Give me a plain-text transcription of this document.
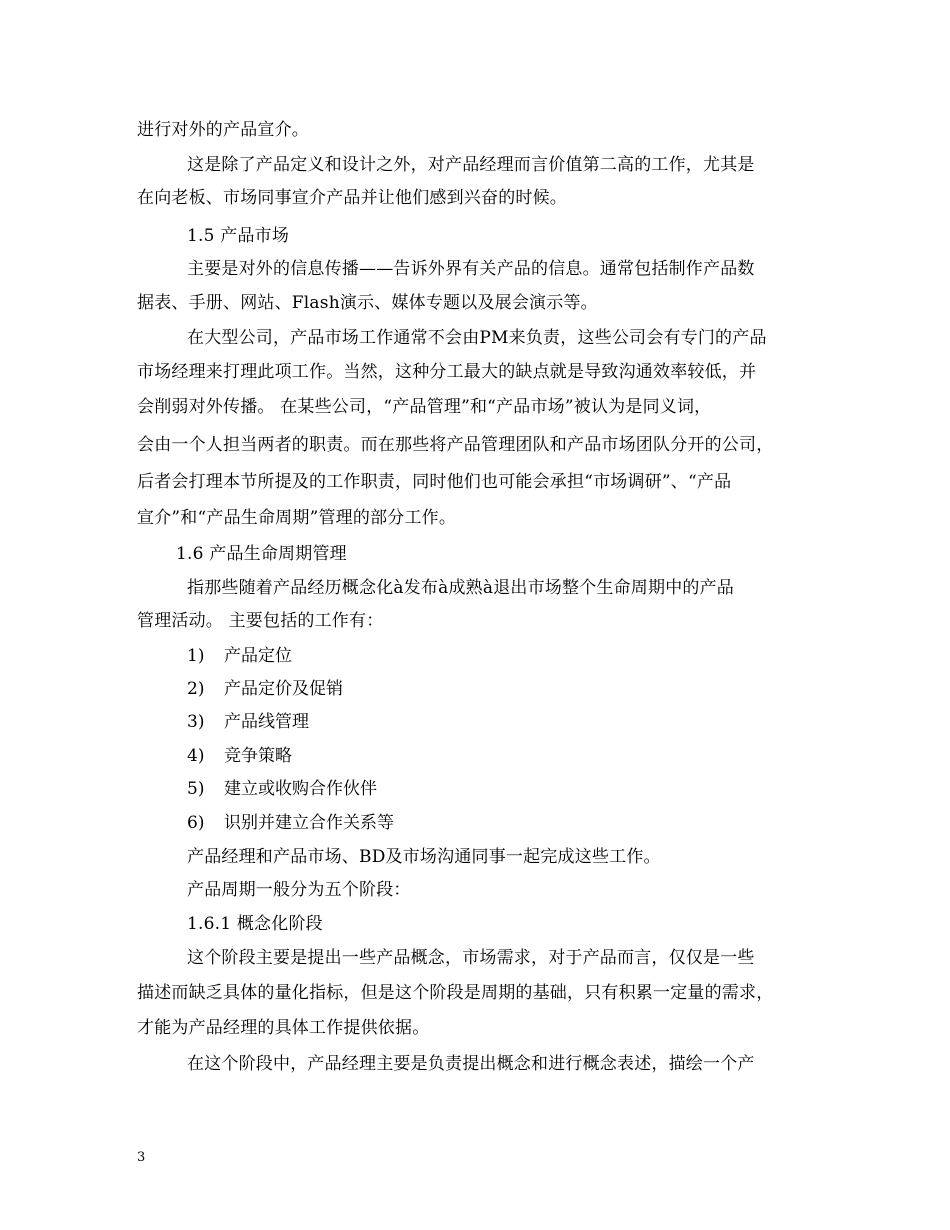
进行对外的产品宣介。
这是除了产品定义和设计之外，对产品经理而言价值第二高的工作，尤其是
在向老板、市场同事宣介产品并让他们感到兴奋的时候。
1.5 产品市场
主要是对外的信息传播——告诉外界有关产品的信息。通常包括制作产品数
据表、手册、网站、Flash演示、媒体专题以及展会演示等。
在大型公司，产品市场工作通常不会由PM来负责，这些公司会有专门的产品
市场经理来打理此项工作。当然，这种分工最大的缺点就是导致沟通效率较低，并
会削弱对外传播。 在某些公司，“产品管理”和“产品市场”被认为是同义词，
会由一个人担当两者的职责。而在那些将产品管理团队和产品市场团队分开的公司，
后者会打理本节所提及的工作职责，同时他们也可能会承担“市场调研”、“产品
宣介”和“产品生命周期”管理的部分工作。
1.6 产品生命周期管理
指那些随着产品经历概念化à发布à成熟à退出市场整个生命周期中的产品
管理活动。 主要包括的工作有：
1) 产品定位
2) 产品定价及促销
3) 产品线管理
4) 竞争策略
5) 建立或收购合作伙伴
6) 识别并建立合作关系等
产品经理和产品市场、BD及市场沟通同事一起完成这些工作。
产品周期一般分为五个阶段：
1.6.1 概念化阶段
这个阶段主要是提出一些产品概念，市场需求，对于产品而言，仅仅是一些
描述而缺乏具体的量化指标，但是这个阶段是周期的基础，只有积累一定量的需求，
才能为产品经理的具体工作提供依据。
在这个阶段中，产品经理主要是负责提出概念和进行概念表述，描绘一个产
3
